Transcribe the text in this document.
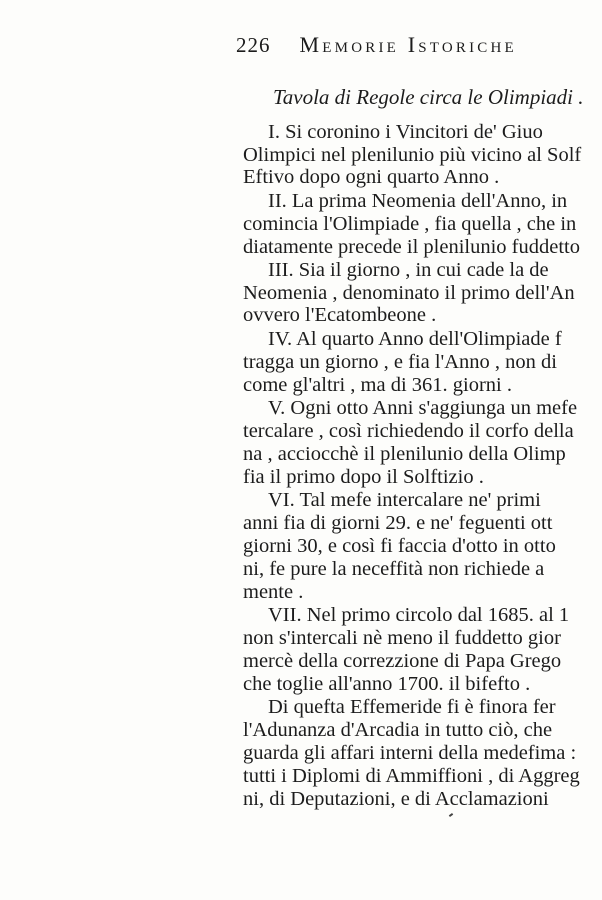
226 Memorie Istoriche
Tavola di Regole circa le Olimpiadi .
I. Si coronino i Vincitori de' Giuo
Olimpici nel plenilunio più vicino al Solf
Eftivo dopo ogni quarto Anno .
II. La prima Neomenia dell'Anno, in
comincia l'Olimpiade , fia quella , che in
diatamente precede il plenilunio fuddetto
III. Sia il giorno , in cui cade la de
Neomenia , denominato il primo dell'An
ovvero l'Ecatombeone .
IV. Al quarto Anno dell'Olimpiade f
tragga un giorno , e fia l'Anno , non di
come gl'altri , ma di 361. giorni .
V. Ogni otto Anni s'aggiunga un mefe
tercalare , così richiedendo il corfo della
na , acciocchè il plenilunio della Olimp
fia il primo dopo il Solftizio .
VI. Tal mefe intercalare ne' primi
anni fia di giorni 29. e ne' feguenti ott
giorni 30, e così fi faccia d'otto in otto
ni, fe pure la neceffità non richiede a
mente .
VII. Nel primo circolo dal 1685. al 1
non s'intercali nè meno il fuddetto gior
mercè della correzzione di Papa Grego
che toglie all'anno 1700. il bifefto .
Di quefta Effemeride fi è finora fer
l'Adunanza d'Arcadia in tutto ciò, che
guarda gli affari interni della medefima :
tutti i Diplomi di Ammiffioni , di Aggreg
ni, di Deputazioni, e di Acclamazioni
